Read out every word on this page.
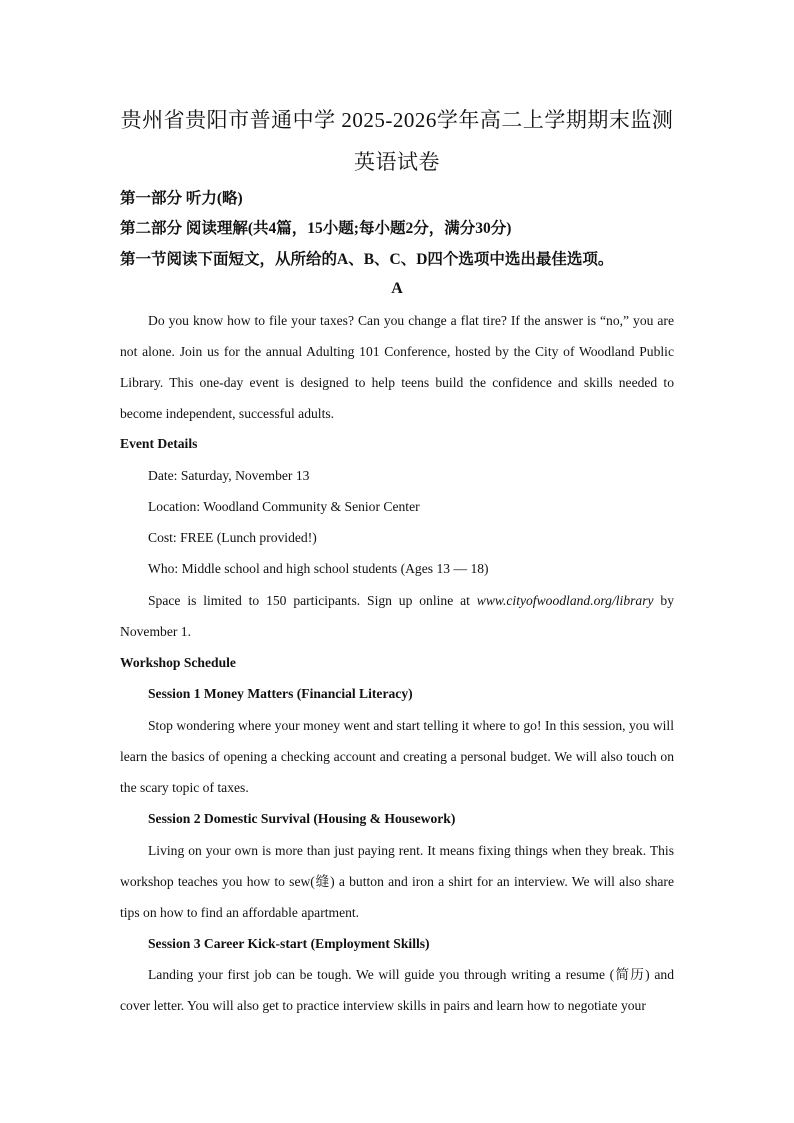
贵州省贵阳市普通中学 2025-2026学年高二上学期期末监测
英语试卷
第一部分 听力(略)
第二部分 阅读理解(共4篇，15小题;每小题2分，满分30分)
第一节阅读下面短文，从所给的A、B、C、D四个选项中选出最佳选项。
A

Do you know how to file your taxes? Can you change a flat tire? If the answer is “no,” you are not alone. Join us for the annual Adulting 101 Conference, hosted by the City of Woodland Public Library. This one-day event is designed to help teens build the confidence and skills needed to become independent, successful adults.

Event Details
Date: Saturday, November 13
Location: Woodland Community & Senior Center
Cost: FREE (Lunch provided!)
Who: Middle school and high school students (Ages 13 — 18)

Space is limited to 150 participants. Sign up online at www.cityofwoodland.org/library by November 1.

Workshop Schedule
Session 1 Money Matters (Financial Literacy)

Stop wondering where your money went and start telling it where to go! In this session, you will learn the basics of opening a checking account and creating a personal budget. We will also touch on the scary topic of taxes.

Session 2 Domestic Survival (Housing & Housework)

Living on your own is more than just paying rent. It means fixing things when they break. This workshop teaches you how to sew(缝) a button and iron a shirt for an interview. We will also share tips on how to find an affordable apartment.

Session 3 Career Kick-start (Employment Skills)

Landing your first job can be tough. We will guide you through writing a resume (简历) and cover letter. You will also get to practice interview skills in pairs and learn how to negotiate your
